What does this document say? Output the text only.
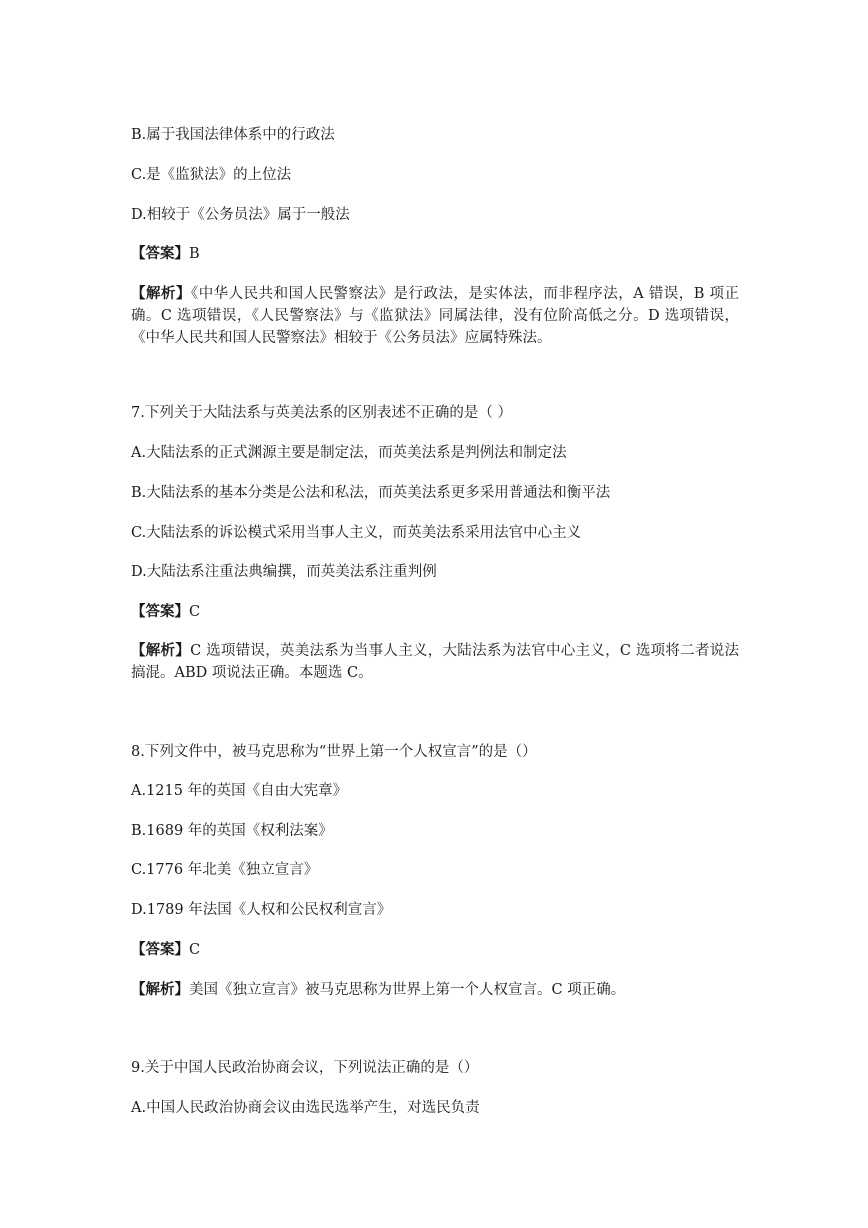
B.属于我国法律体系中的行政法
C.是《监狱法》的上位法
D.相较于《公务员法》属于一般法
【答案】B
【解析】《中华人民共和国人民警察法》是行政法，是实体法，而非程序法，A 错误，B 项正确。C 选项错误，《人民警察法》与《监狱法》同属法律，没有位阶高低之分。D 选项错误，《中华人民共和国人民警察法》相较于《公务员法》应属特殊法。
7.下列关于大陆法系与英美法系的区别表述不正确的是（ ）
A.大陆法系的正式渊源主要是制定法，而英美法系是判例法和制定法
B.大陆法系的基本分类是公法和私法，而英美法系更多采用普通法和衡平法
C.大陆法系的诉讼模式采用当事人主义，而英美法系采用法官中心主义
D.大陆法系注重法典编撰，而英美法系注重判例
【答案】C
【解析】C 选项错误，英美法系为当事人主义，大陆法系为法官中心主义，C 选项将二者说法搞混。ABD 项说法正确。本题选 C。
8.下列文件中，被马克思称为“世界上第一个人权宣言”的是（）
A.1215 年的英国《自由大宪章》
B.1689 年的英国《权利法案》
C.1776 年北美《独立宣言》
D.1789 年法国《人权和公民权利宣言》
【答案】C
【解析】美国《独立宣言》被马克思称为世界上第一个人权宣言。C 项正确。
9.关于中国人民政治协商会议，下列说法正确的是（）
A.中国人民政治协商会议由选民选举产生，对选民负责
